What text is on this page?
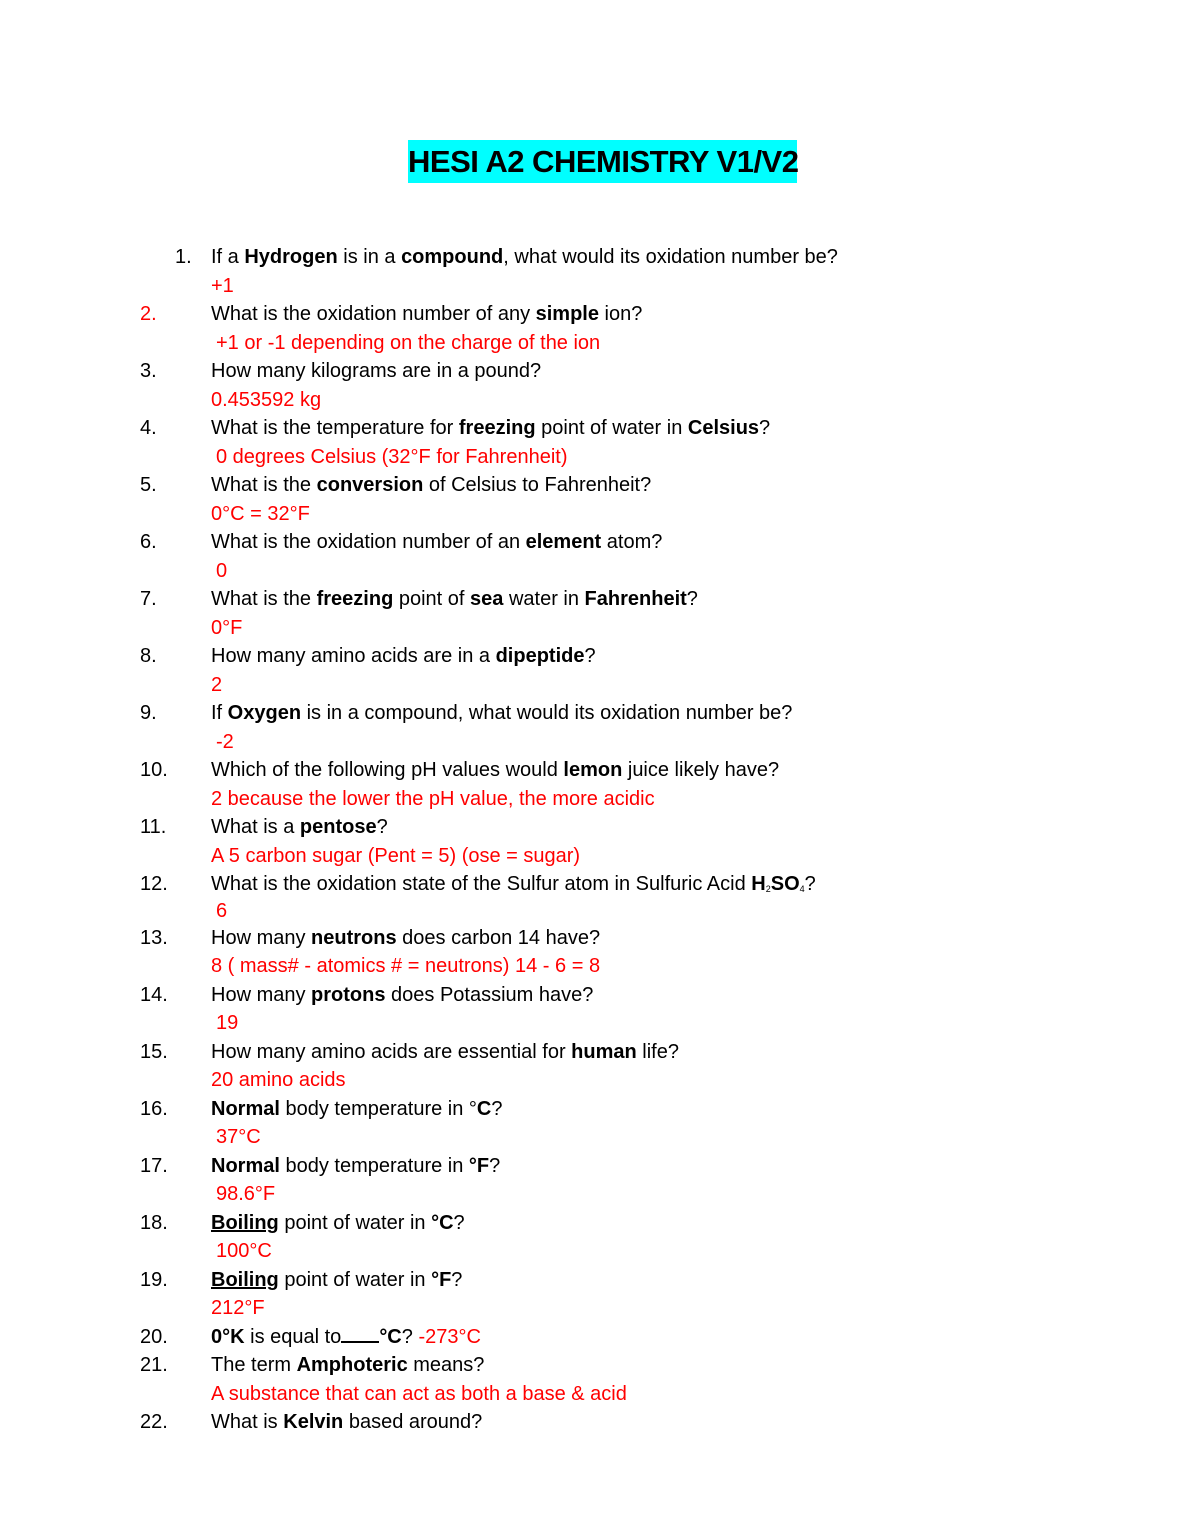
HESI A2 CHEMISTRY V1/V2
1. If a Hydrogen is in a compound, what would its oxidation number be?
+1
2.	What is the oxidation number of any simple ion?
+1 or -1 depending on the charge of the ion
3.	How many kilograms are in a pound?
0.453592 kg
4.	What is the temperature for freezing point of water in Celsius?
0 degrees Celsius (32°F for Fahrenheit)
5.	What is the conversion of Celsius to Fahrenheit?
0°C = 32°F
6.	What is the oxidation number of an element atom?
0
7.	What is the freezing point of sea water in Fahrenheit?
0°F
8.	How many amino acids are in a dipeptide?
2
9.	If Oxygen is in a compound, what would its oxidation number be?
-2
10.	Which of the following pH values would lemon juice likely have?
2 because the lower the pH value, the more acidic
11.	What is a pentose?
A 5 carbon sugar (Pent = 5) (ose = sugar)
12.	What is the oxidation state of the Sulfur atom in Sulfuric Acid $H_2SO_4$?
6
13.	How many neutrons does carbon 14 have?
8 ( mass# - atomics # = neutrons) 14 - 6 = 8
14.	How many protons does Potassium have?
19
15.	How many amino acids are essential for human life?
20 amino acids
16.	Normal body temperature in °C?
37°C
17.	Normal body temperature in °F?
98.6°F
18.	Boiling point of water in °C?
100°C
19.	Boiling point of water in °F?
212°F
20.	0°K is equal to °C? -273°C
21.	The term Amphoteric means?
A substance that can act as both a base & acid
22.	What is Kelvin based around?
